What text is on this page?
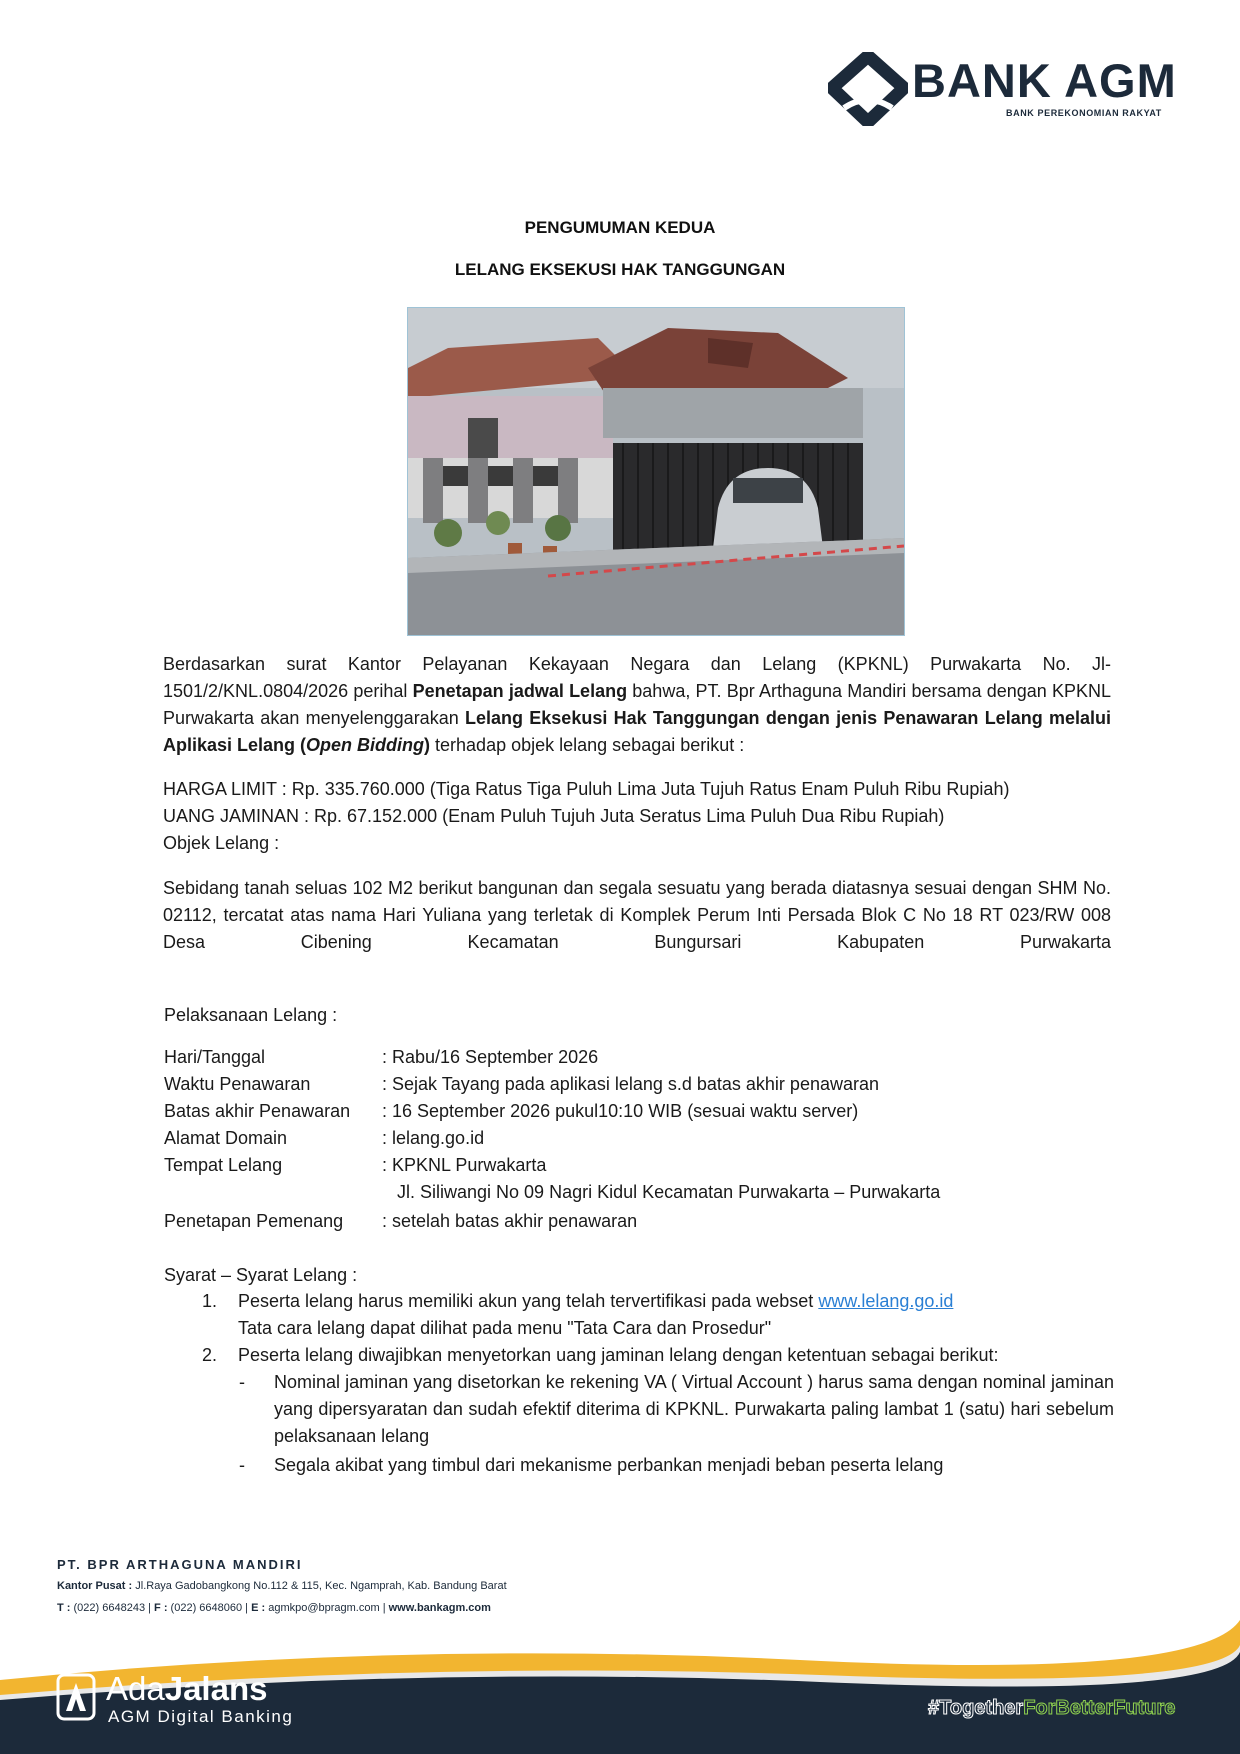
BANK AGM
BANK PEREKONOMIAN RAKYAT
PENGUMUMAN KEDUA
LELANG EKSEKUSI HAK TANGGUNGAN
Berdasarkan surat Kantor Pelayanan Kekayaan Negara dan Lelang (KPKNL) Purwakarta No. Jl-1501/2/KNL.0804/2026 perihal Penetapan jadwal Lelang bahwa, PT. Bpr Arthaguna Mandiri bersama dengan KPKNL Purwakarta akan menyelenggarakan Lelang Eksekusi Hak Tanggungan dengan jenis Penawaran Lelang melalui Aplikasi Lelang (Open Bidding) terhadap objek lelang sebagai berikut :
HARGA LIMIT : Rp. 335.760.000 (Tiga Ratus Tiga Puluh Lima Juta Tujuh Ratus Enam Puluh Ribu Rupiah)
UANG JAMINAN : Rp. 67.152.000 (Enam Puluh Tujuh Juta Seratus Lima Puluh Dua Ribu Rupiah)
Objek Lelang :
Sebidang tanah seluas 102 M2 berikut bangunan dan segala sesuatu yang berada diatasnya sesuai dengan SHM No. 02112, tercatat atas nama Hari Yuliana yang terletak di Komplek Perum Inti Persada Blok C No 18 RT 023/RW 008 Desa Cibening Kecamatan Bungursari Kabupaten Purwakarta
Pelaksanaan Lelang :
Hari/Tanggal	: Rabu/16 September 2026
Waktu Penawaran	: Sejak Tayang pada aplikasi lelang s.d batas akhir penawaran
Batas akhir Penawaran : 16 September 2026 pukul10:10 WIB (sesuai waktu server)
Alamat Domain	: lelang.go.id
Tempat Lelang	: KPKNL Purwakarta
Jl. Siliwangi No 09 Nagri Kidul Kecamatan Purwakarta – Purwakarta
Penetapan Pemenang : setelah batas akhir penawaran
Syarat – Syarat Lelang :
1. Peserta lelang harus memiliki akun yang telah tervertifikasi pada webset www.lelang.go.id
Tata cara lelang dapat dilihat pada menu "Tata Cara dan Prosedur"
2. Peserta lelang diwajibkan menyetorkan uang jaminan lelang dengan ketentuan sebagai berikut:
- Nominal jaminan yang disetorkan ke rekening VA ( Virtual Account ) harus sama dengan nominal jaminan yang dipersyaratan dan sudah efektif diterima di KPKNL. Purwakarta paling lambat 1 (satu) hari sebelum pelaksanaan lelang
- Segala akibat yang timbul dari mekanisme perbankan menjadi beban peserta lelang
PT. BPR ARTHAGUNA MANDIRI
Kantor Pusat : Jl.Raya Gadobangkong No.112 & 115, Kec. Ngamprah, Kab. Bandung Barat
T : (022) 6648243 | F : (022) 6648060 | E : agmkpo@bpragm.com | www.bankagm.com
AdaJalans
AGM Digital Banking	#TogetherForBetterFuture
